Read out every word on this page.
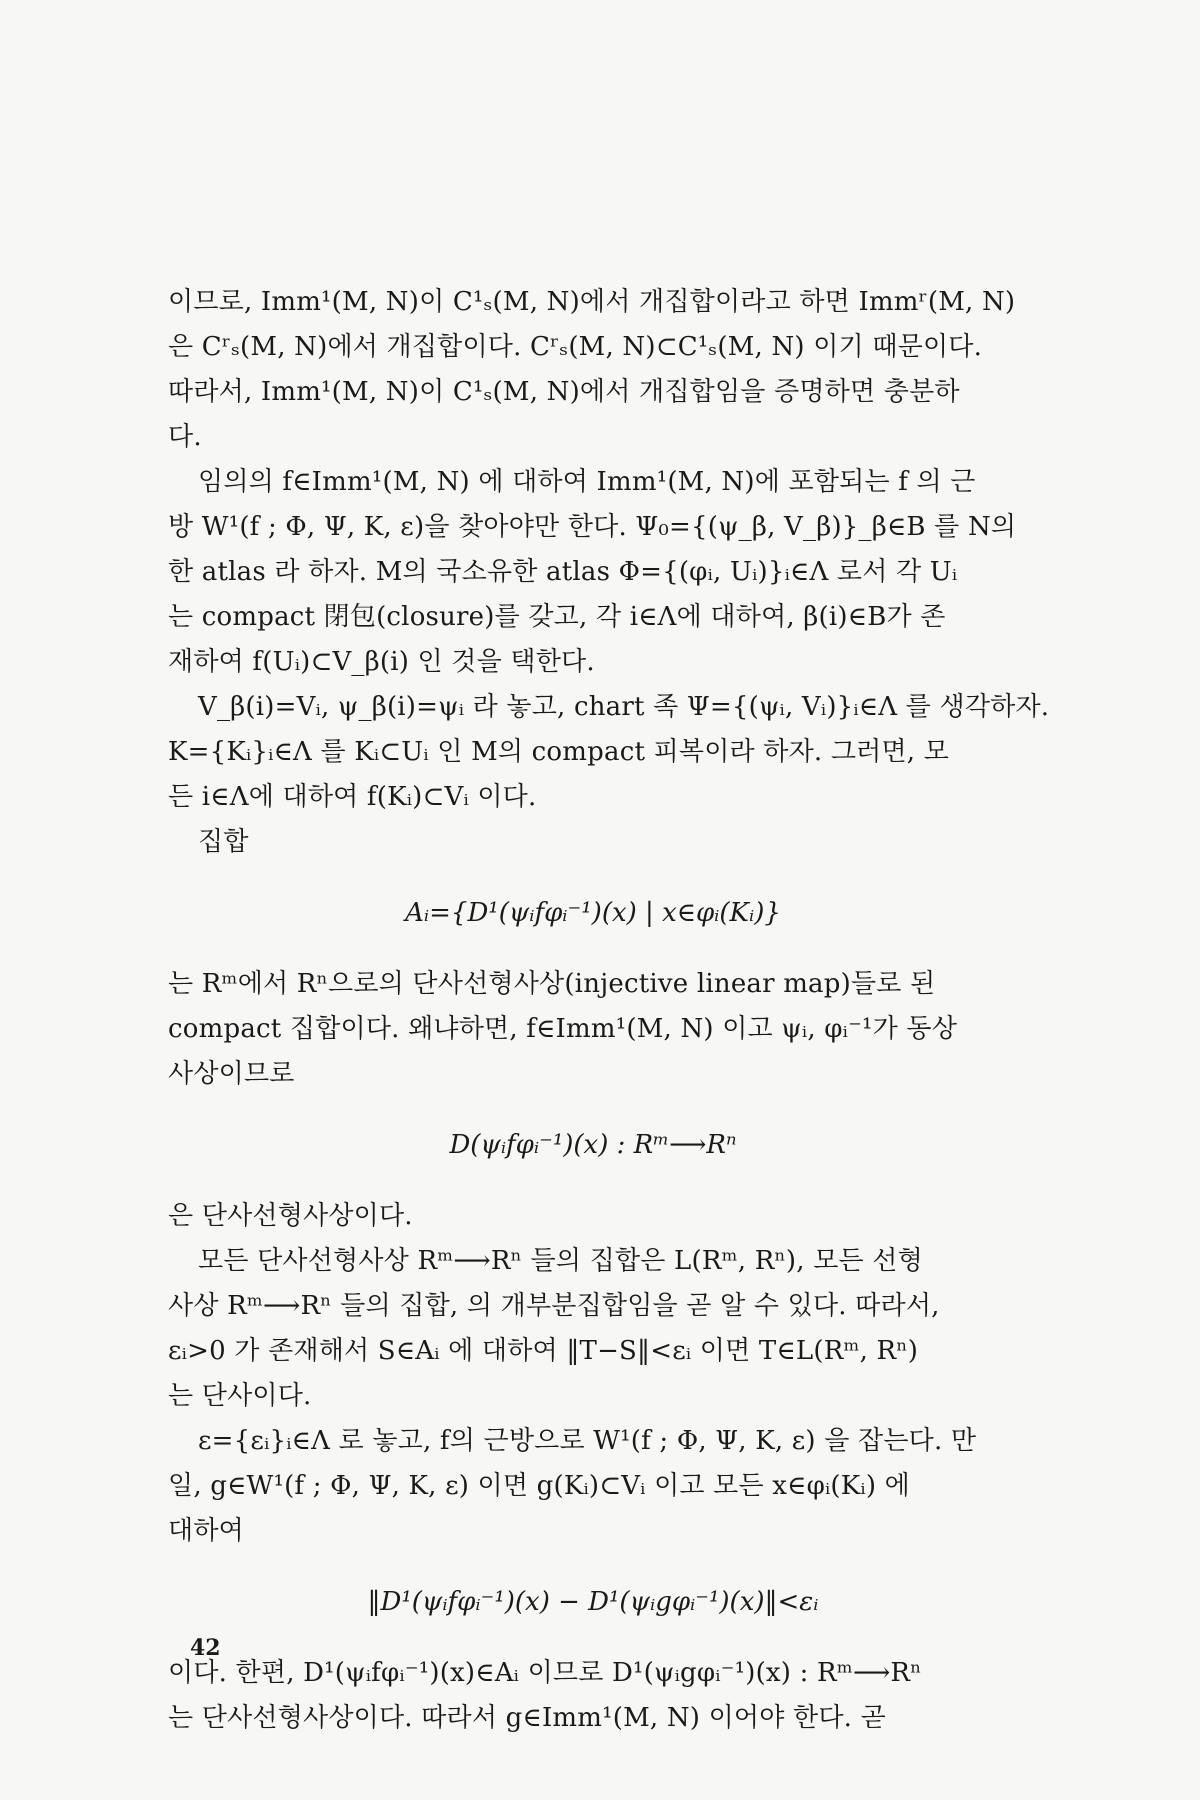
이므로, Imm¹(M, N)이 C¹ₛ(M, N)에서 개집합이라고 하면 Immʳ(M, N)

은 Cʳₛ(M, N)에서 개집합이다. Cʳₛ(M, N)⊂C¹ₛ(M, N) 이기 때문이다.

따라서, Imm¹(M, N)이 C¹ₛ(M, N)에서 개집합임을 증명하면 충분하

다.

임의의 f∈Imm¹(M, N) 에 대하여 Imm¹(M, N)에 포함되는 f 의 근

방 W¹(f ; Φ, Ψ, K, ε)을 찾아야만 한다. Ψ₀={(ψ_β, V_β)}_β∈B 를 N의

한 atlas 라 하자. M의 국소유한 atlas Φ={(φᵢ, Uᵢ)}ᵢ∈Λ 로서 각 Uᵢ

는 compact 閉包(closure)를 갖고, 각 i∈Λ에 대하여, β(i)∈B가 존

재하여 f(Uᵢ)⊂V_β(i) 인 것을 택한다.

V_β(i)=Vᵢ, ψ_β(i)=ψᵢ 라 놓고, chart 족 Ψ={(ψᵢ, Vᵢ)}ᵢ∈Λ 를 생각하자.

K={Kᵢ}ᵢ∈Λ 를 Kᵢ⊂Uᵢ 인 M의 compact 피복이라 하자. 그러면, 모

든 i∈Λ에 대하여 f(Kᵢ)⊂Vᵢ 이다.

집합

Aᵢ={D¹(ψᵢfφᵢ⁻¹)(x) | x∈φᵢ(Kᵢ)}

는 Rᵐ에서 Rⁿ으로의 단사선형사상(injective linear map)들로 된

compact 집합이다. 왜냐하면, f∈Imm¹(M, N) 이고 ψᵢ, φᵢ⁻¹가 동상

사상이므로

D(ψᵢfφᵢ⁻¹)(x) : Rᵐ⟶Rⁿ

은 단사선형사상이다.

모든 단사선형사상 Rᵐ⟶Rⁿ 들의 집합은 L(Rᵐ, Rⁿ), 모든 선형

사상 Rᵐ⟶Rⁿ 들의 집합, 의 개부분집합임을 곧 알 수 있다. 따라서,

εᵢ>0 가 존재해서 S∈Aᵢ 에 대하여 ‖T−S‖<εᵢ 이면 T∈L(Rᵐ, Rⁿ)

는 단사이다.

ε={εᵢ}ᵢ∈Λ 로 놓고, f의 근방으로 W¹(f ; Φ, Ψ, K, ε) 을 잡는다. 만

일, g∈W¹(f ; Φ, Ψ, K, ε) 이면 g(Kᵢ)⊂Vᵢ 이고 모든 x∈φᵢ(Kᵢ) 에

대하여

‖D¹(ψᵢfφᵢ⁻¹)(x) − D¹(ψᵢgφᵢ⁻¹)(x)‖<εᵢ

이다. 한편, D¹(ψᵢfφᵢ⁻¹)(x)∈Aᵢ 이므로 D¹(ψᵢgφᵢ⁻¹)(x) : Rᵐ⟶Rⁿ

는 단사선형사상이다. 따라서 g∈Imm¹(M, N) 이어야 한다. 곧

42
